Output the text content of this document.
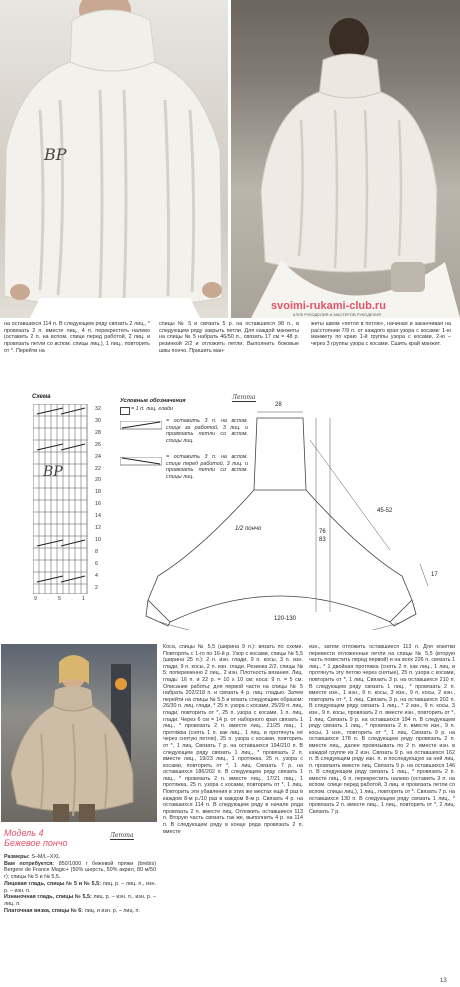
BP
svoimi-rukami-club.ru
КЛУБ РУКОДЕЛИЯ И МАСТЕРОВ РУКОДЕЛИЯ
на оставшихся 114 п. В следующем ряду связать 2 лиц., * провязать 2 п. вместе лиц., 4 п. перекрестить налево (оставить 2 п. на вспом. спице перед работой, 2 лиц. и провязать петли со вспом. спицы лиц.), 1 лиц., повторить от *. Перейти на
спицы № 5 и связать 5 р. на оставшихся 98 п., в следующем ряду закрыть петли. Для каждой манжеты на спицы № 5 набрать 46/50 п., связать 17 см = 48 р. резинкой 2/2 и отложить петли. Выполнить боковые швы пончо. Пришить ман-
жеты швом «петля в петлю», начиная и заканчивая на расстоянии 7/9 п. от каждого края узора с косами: 1-ю манжету по краю 1-й группы узора с косами, 2-ю – через 3 группы узора с косами. Сшить край манжет.
Схема
BP
32
30
28
26
24
22
20
18
16
14
12
10
8
6
4
2
9	5	1
Условные обозначения	Летта
= 1 п. лиц. глади
= оставить 3 п. на вспом. спице за работой, 3 лиц. и провязать петли со вспом. спицы лиц.
= оставить 3 п. на вспом. спице перед работой, 3 лиц. и провязать петли со вспом. спицы лиц.
28
1/2 пончо
45-52
76
83
17
120-130
Модель 4
Бежевое пончо
Летта
Размеры: S–M/L–XXL
Вам потребуется: 850/1000 г бежевой пряжи (brebis) Bergere de France Magic+ (50% шерсть, 50% акрил, 80 м/50 г); спицы № 5 и № 5,5.
Лицевая гладь, спицы № 5 и № 5,5: лиц. р. – лиц. п., изн. р. – изн. п.
Изнаночная гладь, спицы № 5,5: лиц. р. – изн. п., изн. р. – лиц. п.
Платочная вязка, спицы № 6: лиц. и изн. р. – лиц. п.
Коса, спицы № 5,5 (ширина 9 п.): вязать по схеме. Повторять с 1-го по 16-й р. Узор с косами, спицы № 5,5 (ширина 25 п.): 2 п. изн. глади, 9 п. косы, 3 п. изн. глади, 9 п. косы, 2 п. изн. глади. Резинка 2/2, спицы № 5: попеременно 2 лиц., 2 изн. Плотность вязания. Лиц. гладь: 16 п. и 22 р. = 10 х 10 см; коса: 9 п. = 5 см. Описание работы: для первой части на спицы № 5 набрать 202/218 п. и связать 4 р. лиц. гладью. Затем перейти на спицы № 5,5 и вязать следующим образом: 26/30 п. лиц. глади, * 25 п. узора с косами, 25/29 п. лиц. глади, повторить от *, 25 п. узора с косами, 1 п. лиц. глади. Через 6 см = 14 р. от наборного края связать 1 лиц., * провязать 2 п. вместе лиц., 21/25 лиц., 1 протяжка (снять 1 п. как лиц., 1 лиц. и протянуть её через снятую петлю), 25 п. узора с косами, повторить от *, 1 лиц. Связать 7 р. на оставшихся 194/210 п. В следующем ряду связать 1 лиц., * провязать 2 п. вместе лиц., 19/23 лиц., 1 протяжка, 25 п. узора с косами, повторить от *, 1 лиц. Связать 7 р. на оставшихся 186/202 п. В следующем ряду связать 1 лиц., * провязать 2 п. вместе лиц., 17/21 лиц., 1 протяжка, 25 п. узора с косами, повторить от *, 1 лиц. Повторить эти убавления в этих же местах ещё 8 раз в каждом 8-м р./10 раз в каждом 8-м р. Связать 4 р. на оставшихся 114 п. В следующем ряду в начале ряда провязать 2 п. вместе лиц. Отложить оставшиеся 113 п. Вторую часть связать так же, выполнить 4 р. на 114 п. В следующем ряду в конце ряда провязать 2 п. вместе
изн., затем отложить оставшиеся 113 п. Для кокетки перевести отложенные петли на спицы № 5,5 (вторую часть поместить перед первой) и на всех 226 п. связать 1 лиц., * 1 двойная протяжка (снять 2 п. как лиц., 1 лиц. и протянуть эту петлю через снятые), 25 п. узора с косами, повторить от *, 1 лиц. Связать 3 р. на оставшихся 210 п. В следующем ряду связать 1 лиц., * провязать 2 п. вместе изн., 1 изн., 9 п. косы, 3 изн., 9 п. косы, 2 изн., повторить от *, 1 лиц. Связать 3 р. на оставшихся 202 п. В следующем ряду связать 1 лиц., * 2 изн., 9 п. косы, 3 изн., 9 п. косы, провязать 2 п. вместе изн., повторить от *, 1 лиц. Связать 9 р. на оставшихся 194 п. В следующем ряду связать 1 лиц., * провязать 2 п. вместе изн., 9 п. косы, 1 изн., повторить от *, 1 лиц. Связать 9 р. на оставшихся 178 п. В следующем ряду провязать 2 п. вместе лиц., далее провязывать по 2 п. вместе изн. в каждой группе из 2 изн. Связать 9 р. на оставшихся 162 п. В следующем ряду изн. п. и последующую за ней лиц. п. провязать вместе лиц. Связать 9 р. на оставшихся 146 п. В следующем ряду связать 1 лиц., * провязать 2 п. вместе лиц., 6 п. перекрестить налево (оставить 3 п. на вспом. спице перед работой, 3 лиц. и провязать петли со вспом. спицы лиц.), 1 лиц., повторить от *. Связать 7 р. на оставшихся 130 п. В следующем ряду связать 1 лиц., * провязать 2 п. вместе лиц., 1 лиц., повторить от *, 2 лиц. Связать 7 р.
13
